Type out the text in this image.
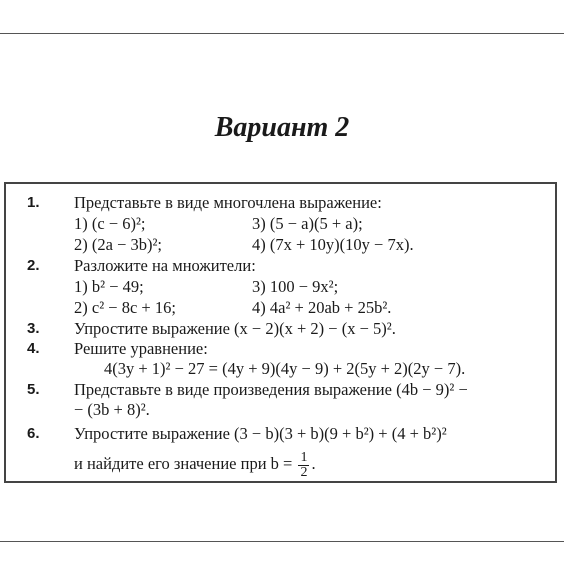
Вариант 2
1. Представьте в виде многочлена выражение:
1) (c − 6)²;	3) (5 − a)(5 + a);
2) (2a − 3b)²;	4) (7x + 10y)(10y − 7x).
2. Разложите на множители:
1) b² − 49;	3) 100 − 9x²;
2) c² − 8c + 16;	4) 4a² + 20ab + 25b².
3. Упростите выражение (x − 2)(x + 2) − (x − 5)².
4. Решите уравнение:
4(3y + 1)² − 27 = (4y + 9)(4y − 9) + 2(5y + 2)(2y − 7).
5. Представьте в виде произведения выражение (4b − 9)² −
− (3b + 8)².
6. Упростите выражение (3 − b)(3 + b)(9 + b²) + (4 + b²)²
и найдите его значение при $b = \frac{1}{2}$ .
